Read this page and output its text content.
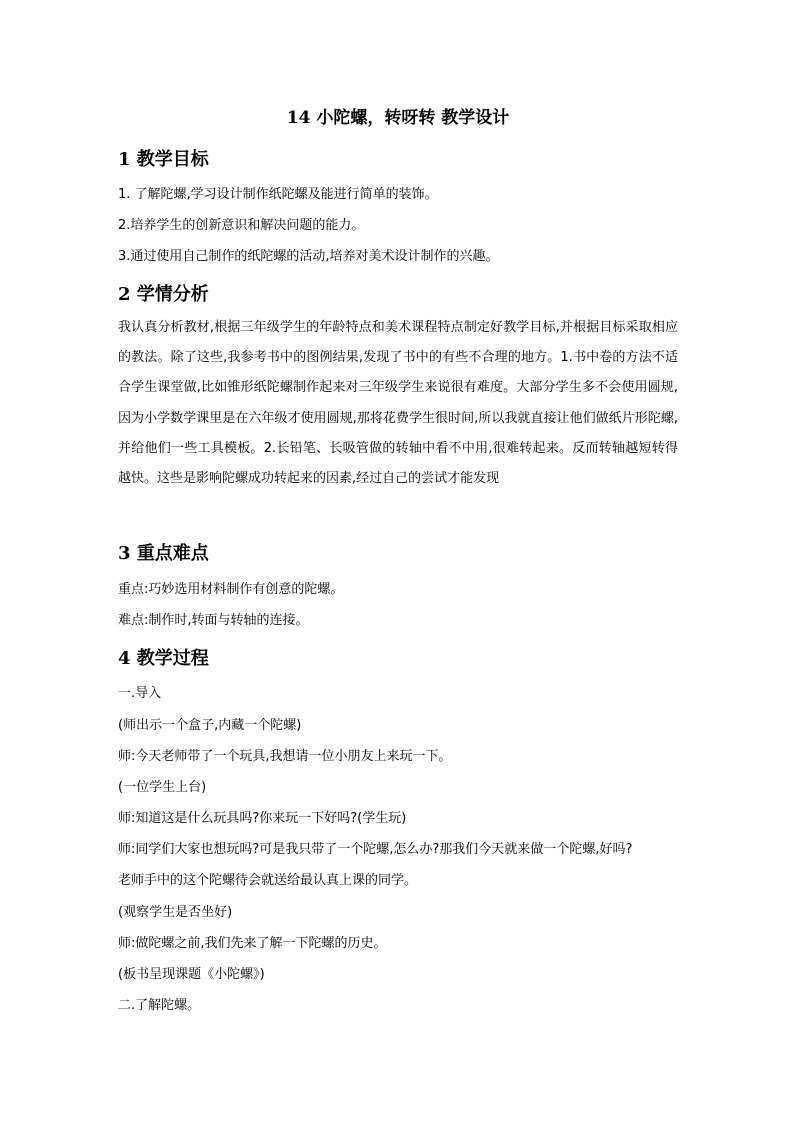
14 小陀螺，转呀转 教学设计
1 教学目标
1. 了解陀螺,学习设计制作纸陀螺及能进行简单的装饰。
2.培养学生的创新意识和解决问题的能力。
3.通过使用自己制作的纸陀螺的活动,培养对美术设计制作的兴趣。
2 学情分析
我认真分析教材,根据三年级学生的年龄特点和美术课程特点制定好教学目标,并根据目标采取相应的教法。除了这些,我参考书中的图例结果,发现了书中的有些不合理的地方。1.书中卷的方法不适合学生课堂做,比如锥形纸陀螺制作起来对三年级学生来说很有难度。大部分学生多不会使用圆规,因为小学数学课里是在六年级才使用圆规,那将花费学生很时间,所以我就直接让他们做纸片形陀螺,并给他们一些工具模板。2.长铅笔、长吸管做的转轴中看不中用,很难转起来。反而转轴越短转得越快。这些是影响陀螺成功转起来的因素,经过自己的尝试才能发现
3 重点难点
重点:巧妙选用材料制作有创意的陀螺。
难点:制作时,转面与转轴的连接。
4 教学过程
一.导入
(师出示一个盒子,内藏一个陀螺)
师:今天老师带了一个玩具,我想请一位小朋友上来玩一下。
(一位学生上台)
师:知道这是什么玩具吗?你来玩一下好吗?(学生玩)
师:同学们大家也想玩吗?可是我只带了一个陀螺,怎么办?那我们今天就来做一个陀螺,好吗?
老师手中的这个陀螺待会就送给最认真上课的同学。
(观察学生是否坐好)
师:做陀螺之前,我们先来了解一下陀螺的历史。
(板书呈现课题《小陀螺》)
二.了解陀螺。
